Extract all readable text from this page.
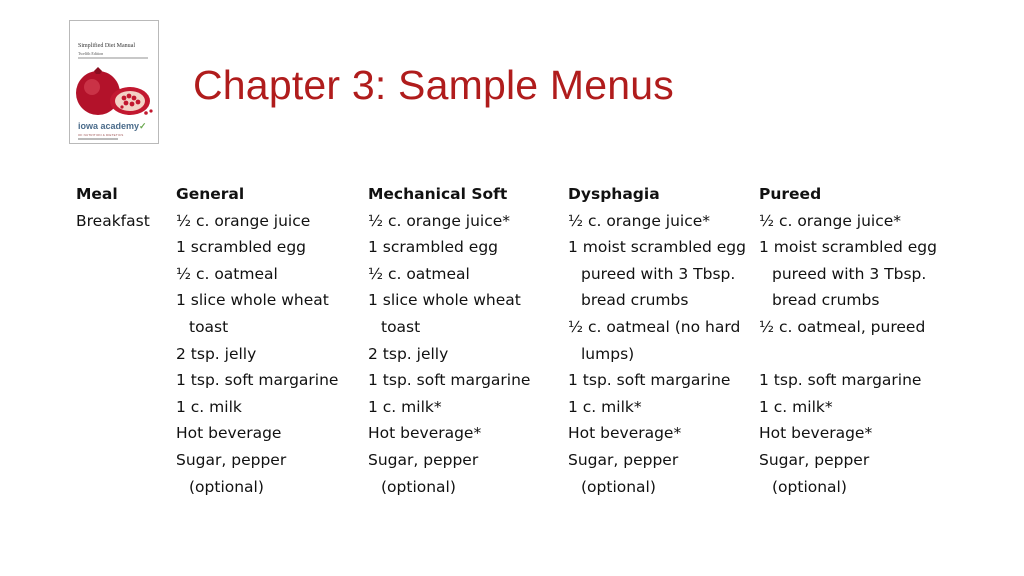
Simplified Diet Manual
Twelfth Edition
iowa academy✓
OF NUTRITION & DIETETICS
Chapter 3: Sample Menus
Meal
Breakfast
General
½ c. orange juice
1 scrambled egg
½ c. oatmeal
1 slice whole wheat
toast
2 tsp. jelly
1 tsp. soft margarine
1 c. milk
Hot beverage
Sugar, pepper
(optional)
Mechanical Soft
½ c. orange juice*
1 scrambled egg
½ c. oatmeal
1 slice whole wheat
toast
2 tsp. jelly
1 tsp. soft margarine
1 c. milk*
Hot beverage*
Sugar, pepper
(optional)
Dysphagia
½ c. orange juice*
1 moist scrambled egg
pureed with 3 Tbsp.
bread crumbs
½ c. oatmeal (no hard
lumps)
1 tsp. soft margarine
1 c. milk*
Hot beverage*
Sugar, pepper
(optional)
Pureed
½ c. orange juice*
1 moist scrambled egg
pureed with 3 Tbsp.
bread crumbs
½ c. oatmeal, pureed

1 tsp. soft margarine
1 c. milk*
Hot beverage*
Sugar, pepper
(optional)
